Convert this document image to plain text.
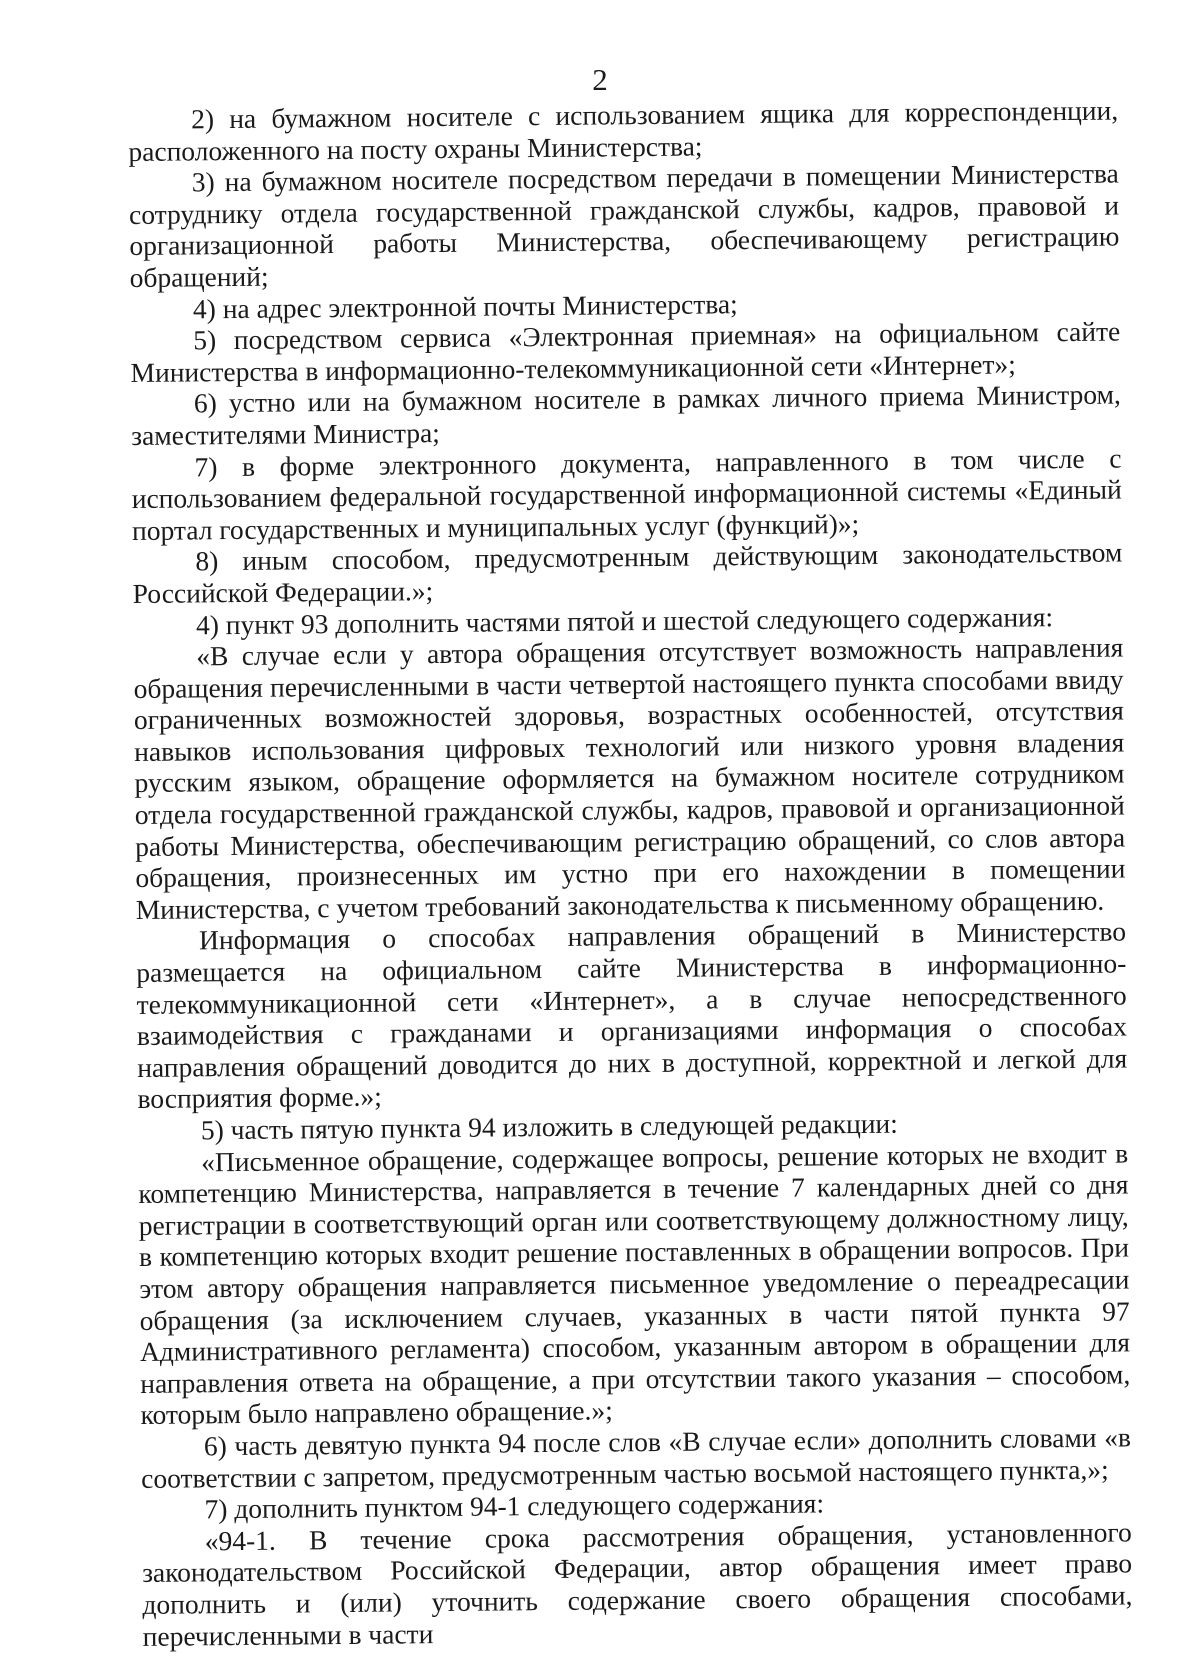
2

2) на бумажном носителе с использованием ящика для корреспонденции, расположенного на посту охраны Министерства;

3) на бумажном носителе посредством передачи в помещении Министерства сотруднику отдела государственной гражданской службы, кадров, правовой и организационной работы Министерства, обеспечивающему регистрацию обращений;

4) на адрес электронной почты Министерства;

5) посредством сервиса «Электронная приемная» на официальном сайте Министерства в информационно-телекоммуникационной сети «Интернет»;

6) устно или на бумажном носителе в рамках личного приема Министром, заместителями Министра;

7) в форме электронного документа, направленного в том числе с использованием федеральной государственной информационной системы «Единый портал государственных и муниципальных услуг (функций)»;

8) иным способом, предусмотренным действующим законодательством Российской Федерации.»;

4) пункт 93 дополнить частями пятой и шестой следующего содержания:

«В случае если у автора обращения отсутствует возможность направления обращения перечисленными в части четвертой настоящего пункта способами ввиду ограниченных возможностей здоровья, возрастных особенностей, отсутствия навыков использования цифровых технологий или низкого уровня владения русским языком, обращение оформляется на бумажном носителе сотрудником отдела государственной гражданской службы, кадров, правовой и организационной работы Министерства, обеспечивающим регистрацию обращений, со слов автора обращения, произнесенных им устно при его нахождении в помещении Министерства, с учетом требований законодательства к письменному обращению.

Информация о способах направления обращений в Министерство размещается на официальном сайте Министерства в информационно-телекоммуникационной сети «Интернет», а в случае непосредственного взаимодействия с гражданами и организациями информация о способах направления обращений доводится до них в доступной, корректной и легкой для восприятия форме.»;

5) часть пятую пункта 94 изложить в следующей редакции:

«Письменное обращение, содержащее вопросы, решение которых не входит в компетенцию Министерства, направляется в течение 7 календарных дней со дня регистрации в соответствующий орган или соответствующему должностному лицу, в компетенцию которых входит решение поставленных в обращении вопросов. При этом автору обращения направляется письменное уведомление о переадресации обращения (за исключением случаев, указанных в части пятой пункта 97 Административного регламента) способом, указанным автором в обращении для направления ответа на обращение, а при отсутствии такого указания – способом, которым было направлено обращение.»;

6) часть девятую пункта 94 после слов «В случае если» дополнить словами «в соответствии с запретом, предусмотренным частью восьмой настоящего пункта,»;

7) дополнить пунктом 94-1 следующего содержания:

«94-1. В течение срока рассмотрения обращения, установленного законодательством Российской Федерации, автор обращения имеет право дополнить и (или) уточнить содержание своего обращения способами, перечисленными в части
